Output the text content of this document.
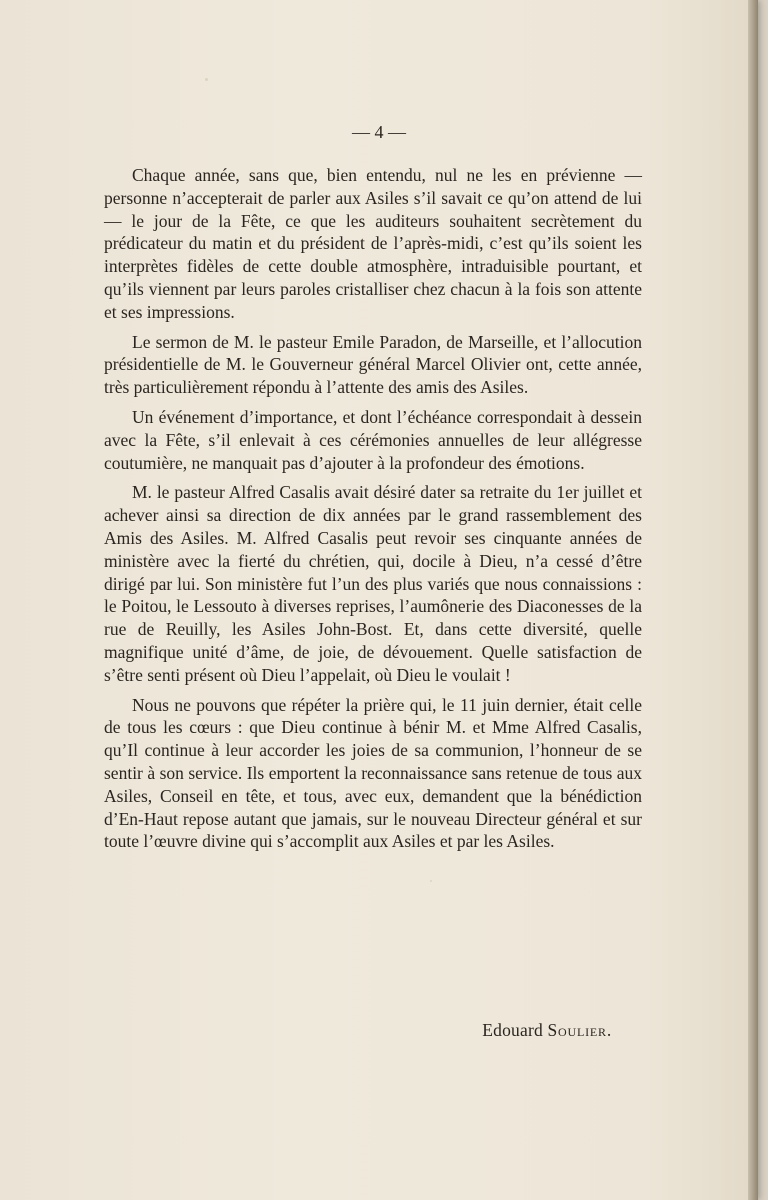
— 4 —

Chaque année, sans que, bien entendu, nul ne les en prévienne — personne n’accepterait de parler aux Asiles s’il savait ce qu’on attend de lui — le jour de la Fête, ce que les auditeurs souhaitent secrètement du prédicateur du matin et du président de l’après-midi, c’est qu’ils soient les interprètes fidèles de cette double atmosphère, intraduisible pourtant, et qu’ils viennent par leurs paroles cristalliser chez chacun à la fois son attente et ses impressions.

Le sermon de M. le pasteur Emile Paradon, de Marseille, et l’allocution présidentielle de M. le Gouverneur général Marcel Olivier ont, cette année, très particulièrement répondu à l’attente des amis des Asiles.

Un événement d’importance, et dont l’échéance correspondait à dessein avec la Fête, s’il enlevait à ces cérémonies annuelles de leur allégresse coutumière, ne manquait pas d’ajouter à la profondeur des émotions.

M. le pasteur Alfred Casalis avait désiré dater sa retraite du 1er juillet et achever ainsi sa direction de dix années par le grand rassemblement des Amis des Asiles. M. Alfred Casalis peut revoir ses cinquante années de ministère avec la fierté du chrétien, qui, docile à Dieu, n’a cessé d’être dirigé par lui. Son ministère fut l’un des plus variés que nous connaissions : le Poitou, le Lessouto à diverses reprises, l’aumônerie des Diaconesses de la rue de Reuilly, les Asiles John-Bost. Et, dans cette diversité, quelle magnifique unité d’âme, de joie, de dévouement. Quelle satisfaction de s’être senti présent où Dieu l’appelait, où Dieu le voulait !

Nous ne pouvons que répéter la prière qui, le 11 juin dernier, était celle de tous les cœurs : que Dieu continue à bénir M. et Mme Alfred Casalis, qu’Il continue à leur accorder les joies de sa communion, l’honneur de se sentir à son service. Ils emportent la reconnaissance sans retenue de tous aux Asiles, Conseil en tête, et tous, avec eux, demandent que la bénédiction d’En-Haut repose autant que jamais, sur le nouveau Directeur général et sur toute l’œuvre divine qui s’accomplit aux Asiles et par les Asiles.

Edouard Soulier.
